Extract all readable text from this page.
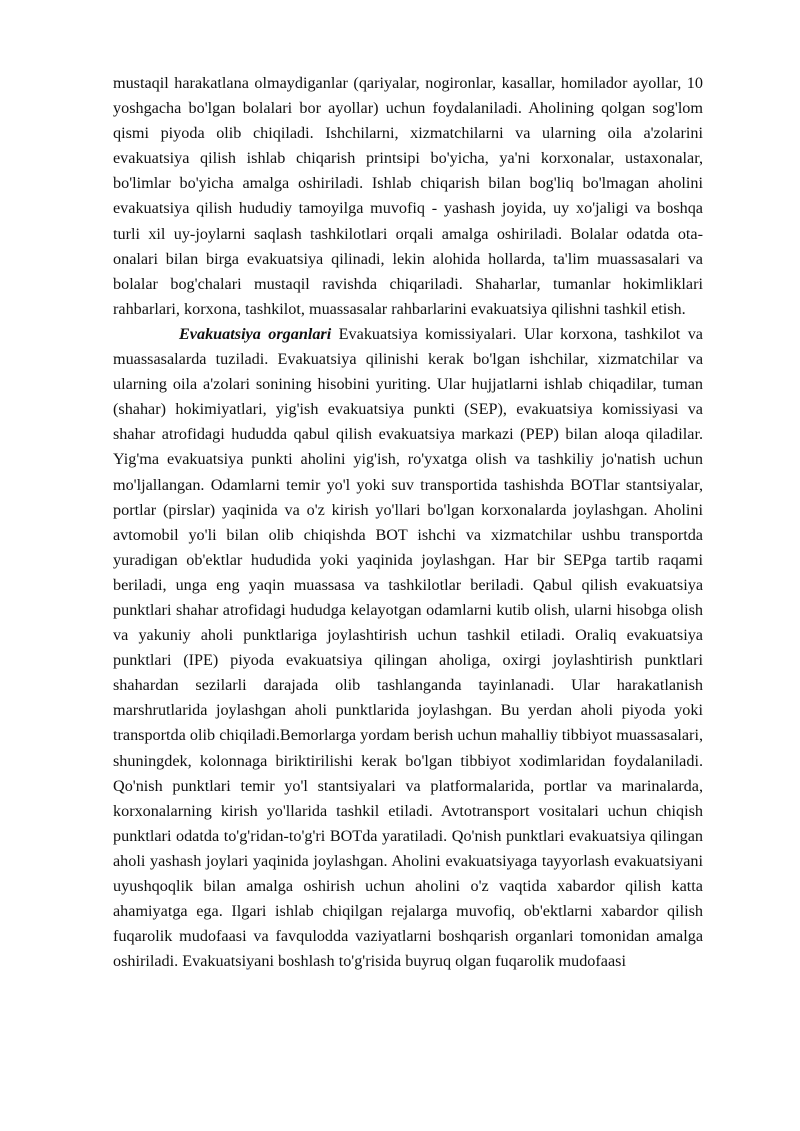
mustaqil harakatlana olmaydiganlar (qariyalar, nogironlar, kasallar, homilador ayollar, 10 yoshgacha bo'lgan bolalari bor ayollar) uchun foydalaniladi. Aholining qolgan sog'lom qismi piyoda olib chiqiladi. Ishchilarni, xizmatchilarni va ularning oila a'zolarini evakuatsiya qilish ishlab chiqarish printsipi bo'yicha, ya'ni korxonalar, ustaxonalar, bo'limlar bo'yicha amalga oshiriladi. Ishlab chiqarish bilan bog'liq bo'lmagan aholini evakuatsiya qilish hududiy tamoyilga muvofiq - yashash joyida, uy xo'jaligi va boshqa turli xil uy-joylarni saqlash tashkilotlari orqali amalga oshiriladi. Bolalar odatda ota-onalari bilan birga evakuatsiya qilinadi, lekin alohida hollarda, ta'lim muassasalari va bolalar bog'chalari mustaqil ravishda chiqariladi. Shaharlar, tumanlar hokimliklari rahbarlari, korxona, tashkilot, muassasalar rahbarlarini evakuatsiya qilishni tashkil etish.

Evakuatsiya organlari Evakuatsiya komissiyalari. Ular korxona, tashkilot va muassasalarda tuziladi. Evakuatsiya qilinishi kerak bo'lgan ishchilar, xizmatchilar va ularning oila a'zolari sonining hisobini yuriting. Ular hujjatlarni ishlab chiqadilar, tuman (shahar) hokimiyatlari, yig'ish evakuatsiya punkti (SEP), evakuatsiya komissiyasi va shahar atrofidagi hududda qabul qilish evakuatsiya markazi (PEP) bilan aloqa qiladilar. Yig'ma evakuatsiya punkti aholini yig'ish, ro'yxatga olish va tashkiliy jo'natish uchun mo'ljallangan. Odamlarni temir yo'l yoki suv transportida tashishda BOTlar stantsiyalar, portlar (pirslar) yaqinida va o'z kirish yo'llari bo'lgan korxonalarda joylashgan. Aholini avtomobil yo'li bilan olib chiqishda BOT ishchi va xizmatchilar ushbu transportda yuradigan ob'ektlar hududida yoki yaqinida joylashgan. Har bir SEPga tartib raqami beriladi, unga eng yaqin muassasa va tashkilotlar beriladi. Qabul qilish evakuatsiya punktlari shahar atrofidagi hududga kelayotgan odamlarni kutib olish, ularni hisobga olish va yakuniy aholi punktlariga joylashtirish uchun tashkil etiladi. Oraliq evakuatsiya punktlari (IPE) piyoda evakuatsiya qilingan aholiga, oxirgi joylashtirish punktlari shahardan sezilarli darajada olib tashlanganda tayinlanadi. Ular harakatlanish marshrutlarida joylashgan aholi punktlarida joylashgan. Bu yerdan aholi piyoda yoki transportda olib chiqiladi.Bemorlarga yordam berish uchun mahalliy tibbiyot muassasalari, shuningdek, kolonnaga biriktirilishi kerak bo'lgan tibbiyot xodimlaridan foydalaniladi. Qo'nish punktlari temir yo'l stantsiyalari va platformalarida, portlar va marinalarda, korxonalarning kirish yo'llarida tashkil etiladi. Avtotransport vositalari uchun chiqish punktlari odatda to'g'ridan-to'g'ri BOTda yaratiladi. Qo'nish punktlari evakuatsiya qilingan aholi yashash joylari yaqinida joylashgan. Aholini evakuatsiyaga tayyorlash evakuatsiyani uyushqoqlik bilan amalga oshirish uchun aholini o'z vaqtida xabardor qilish katta ahamiyatga ega. Ilgari ishlab chiqilgan rejalarga muvofiq, ob'ektlarni xabardor qilish fuqarolik mudofaasi va favqulodda vaziyatlarni boshqarish organlari tomonidan amalga oshiriladi. Evakuatsiyani boshlash to'g'risida buyruq olgan fuqarolik mudofaasi
